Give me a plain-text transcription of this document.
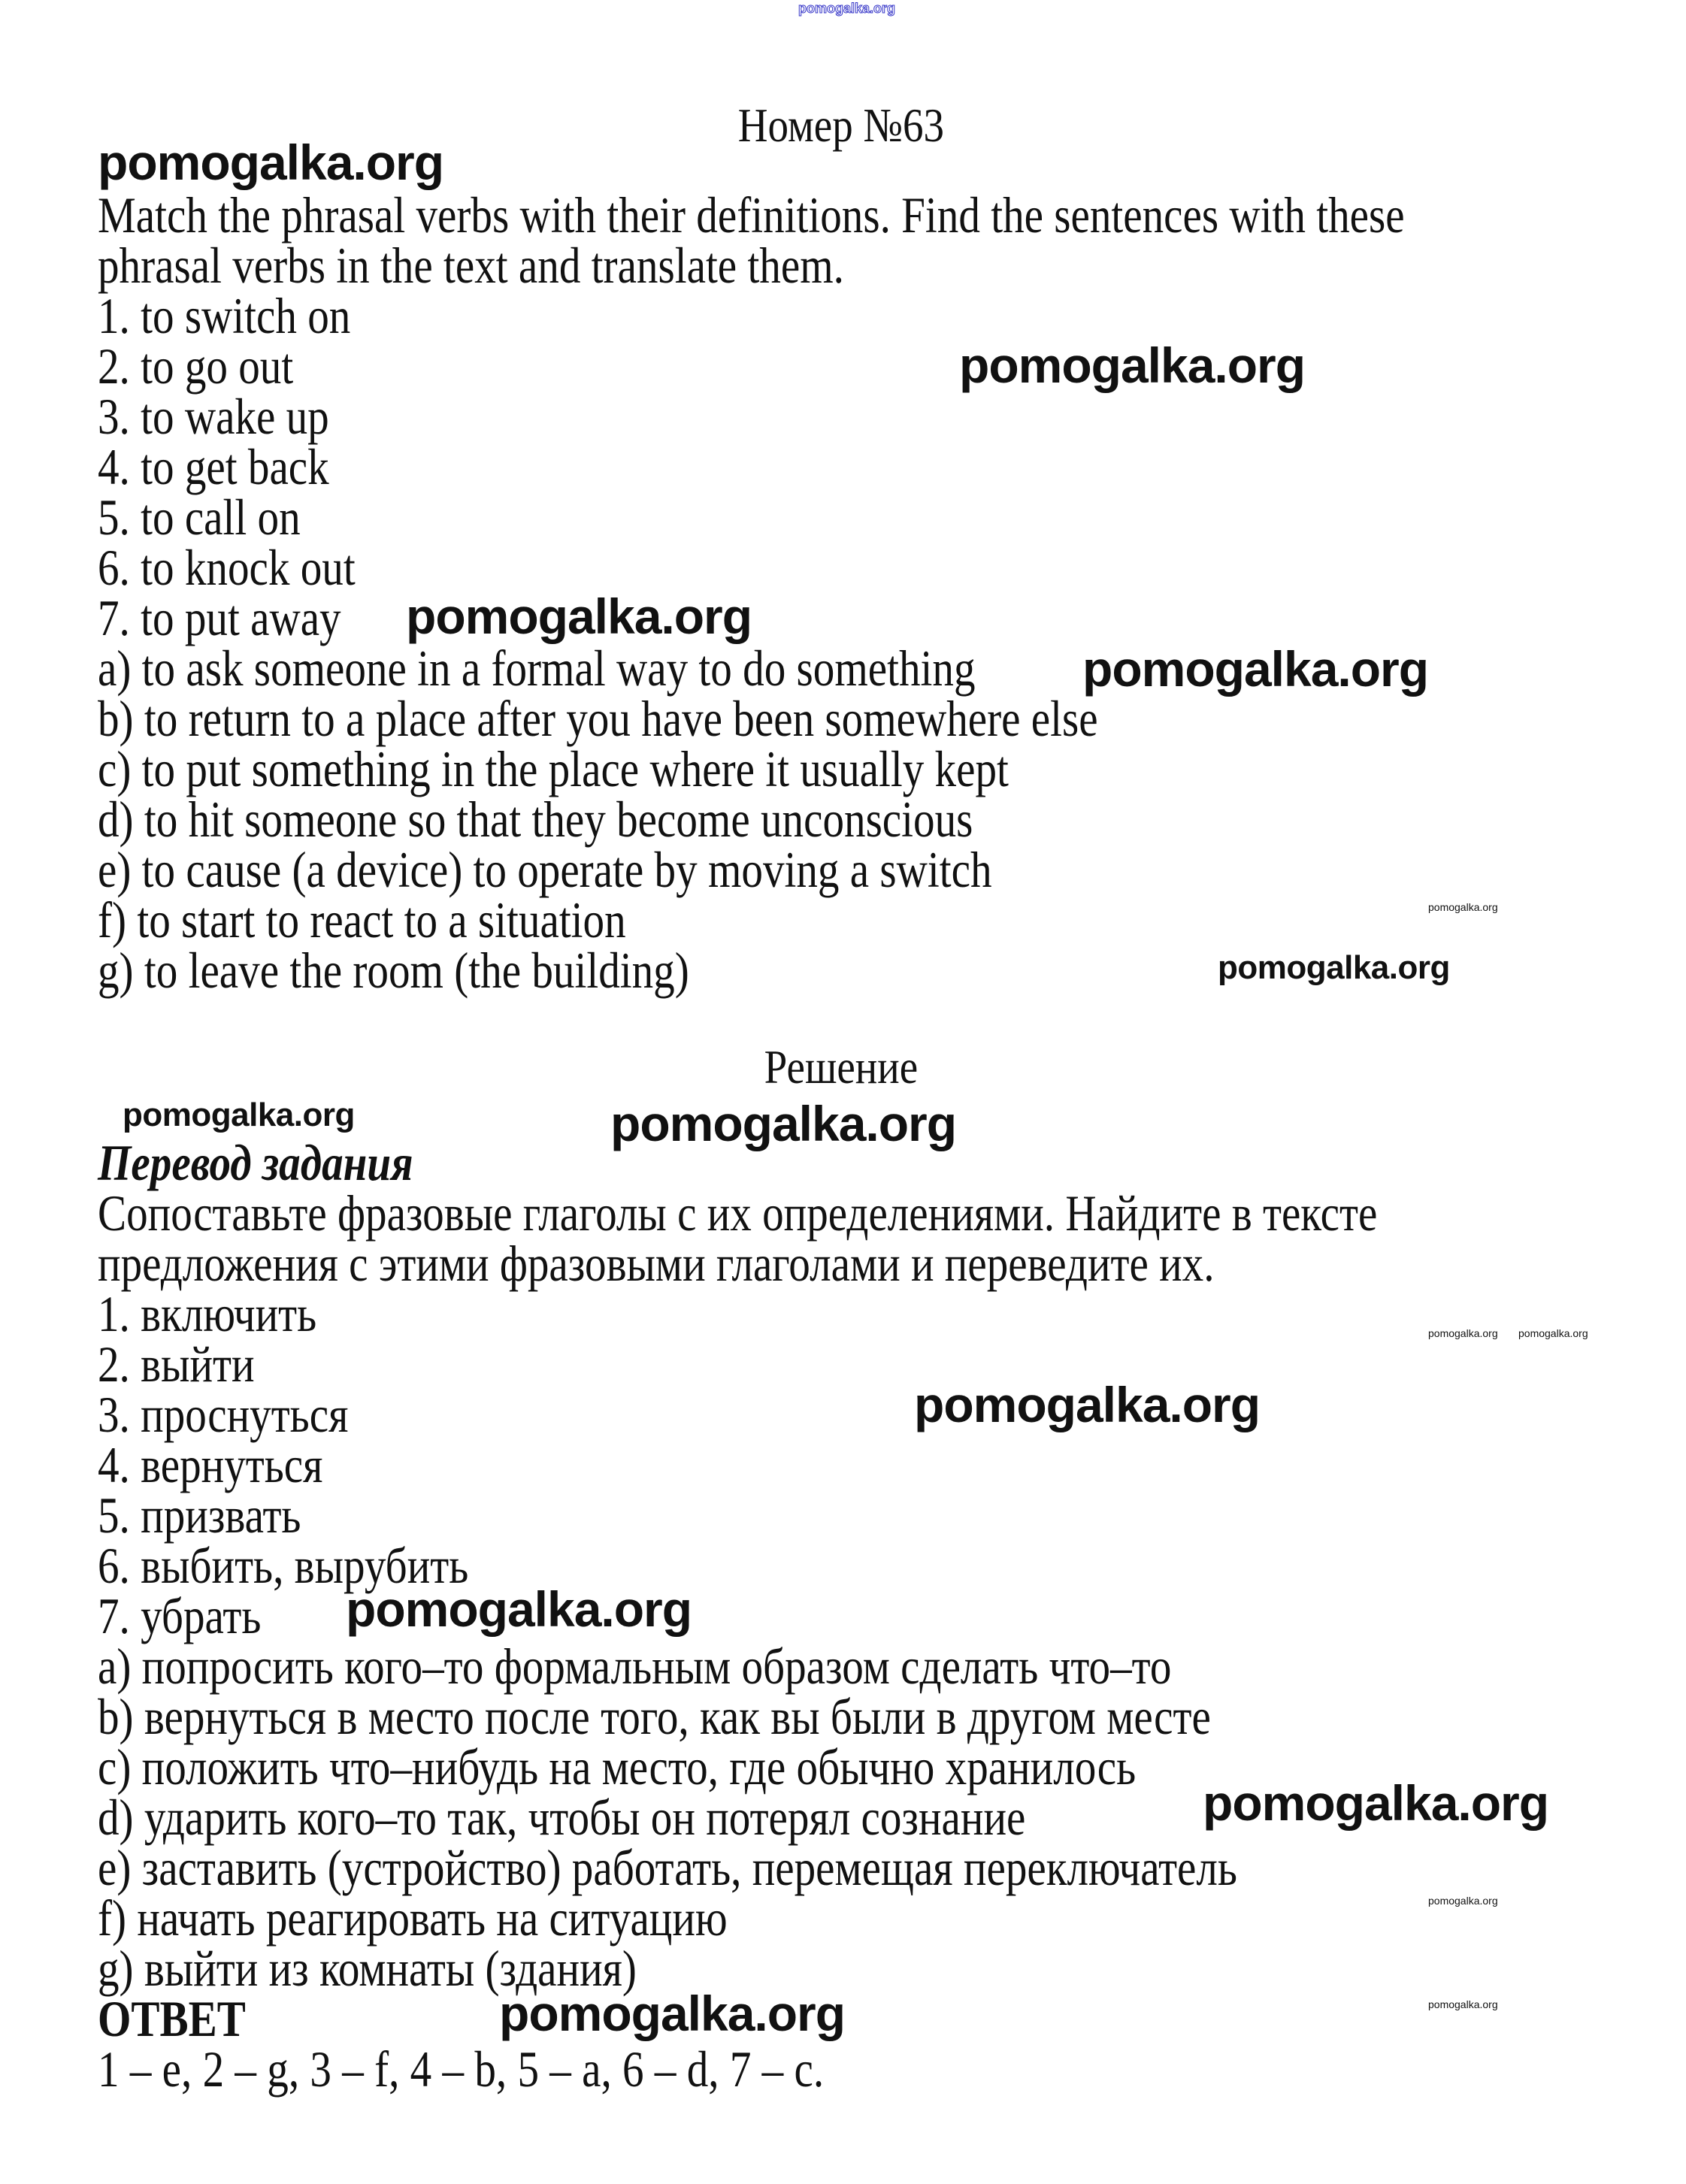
pomogalka.org
Номер №63
Match the phrasal verbs with their definitions. Find the sentences with these
phrasal verbs in the text and translate them.
1. to switch on
2. to go out
3. to wake up
4. to get back
5. to call on
6. to knock out
7. to put away
a) to ask someone in a formal way to do something
b) to return to a place after you have been somewhere else
c) to put something in the place where it usually kept
d) to hit someone so that they become unconscious
e) to cause (a device) to operate by moving a switch
f) to start to react to a situation
g) to leave the room (the building)
Решение
Перевод задания
Сопоставьте фразовые глаголы с их определениями. Найдите в тексте
предложения с этими фразовыми глаголами и переведите их.
1. включить
2. выйти
3. проснуться
4. вернуться
5. призвать
6. выбить, вырубить
7. убрать
a) попросить кого–то формальным образом сделать что–то
b) вернуться в место после того, как вы были в другом месте
c) положить что–нибудь на место, где обычно хранилось
d) ударить кого–то так, чтобы он потерял сознание
e) заставить (устройство) работать, перемещая переключатель
f) начать реагировать на ситуацию
g) выйти из комнаты (здания)
ОТВЕТ
1 – e, 2 – g, 3 – f, 4 – b, 5 – a, 6 – d, 7 – c.
pomogalka.org
pomogalka.org
pomogalka.org
pomogalka.org
pomogalka.org
pomogalka.org
pomogalka.org
pomogalka.org
pomogalka.org
pomogalka.org
pomogalka.org
pomogalka.org
pomogalka.org pomogalka.org
pomogalka.org
pomogalka.org
